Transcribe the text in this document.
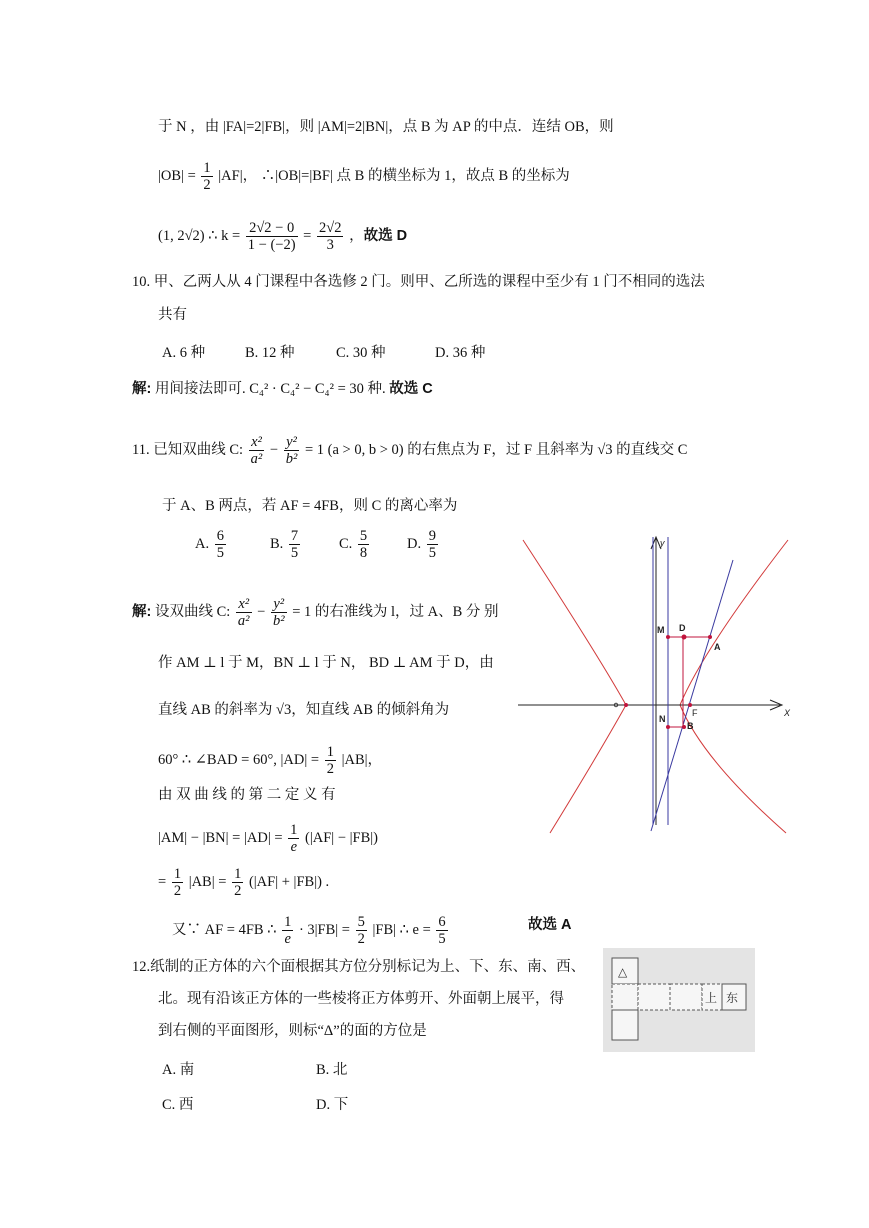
于 N ，由 |FA|=2|FB|，则 |AM|=2|BN|，点 B 为 AP 的中点．连结 OB，则
$|OB| = \frac{1}{2} |AF|$， ∴|OB|=|BF| 点 B 的横坐标为 1，故点 B 的坐标为
(1, 2√2) ∴ $k = \frac{2√2 - 0}{1 - (-2)} = \frac{2√2}{3}$ ，故选 D
10. 甲、乙两人从 4 门课程中各选修 2 门。则甲、乙所选的课程中至少有 1 门不相同的选法
共有
A. 6 种	B. 12 种	C. 30 种	D. 36 种
解: 用间接法即可. C₄² · C₄² − C₄² = 30 种. 故选 C
11. 已知双曲线 C: $\frac{\text{x²}}{\text{a²}} - \frac{\text{y²}}{\text{b²}} = 1$ (a > 0, b > 0) 的右焦点为 F，过 F 且斜率为 √3 的直线交 C
于 A、B 两点，若 AF = 4FB，则 C 的离心率为
A. $\frac{6}{5}$	B. $\frac{7}{5}$	C. $\frac{5}{8}$	D. $\frac{9}{5}$
解: 设双曲线 C: $\frac{\text{x²}}{\text{a²}} - \frac{\text{y²}}{\text{b²}} = 1$ 的右准线为 l，过 A、B 分 别
作 AM ⊥ l 于 M，BN ⊥ l 于 N， BD ⊥ AM 于 D，由
直线 AB 的斜率为 √3，知直线 AB 的倾斜角为
60° ∴ ∠BAD = 60°, $|AD| = \frac{1}{2} |AB|$，
由 双 曲 线 的 第 二 定 义 有
$|AM| - |BN| = |AD| = \frac{1}{e} (|AF| - |FB|)$
= $\frac{1}{2} |AB| = \frac{1}{2} (|AF| + |FB|)$ .
又∵ AF = 4FB ∴ $\frac{1}{e} \cdot 3|FB| = \frac{5}{2} |FB|$ ∴ $e = \frac{6}{5}$	故选 A
M D
A
F
N
B
X
y
12.纸制的正方体的六个面根据其方位分别标记为上、下、东、南、西、
北。现有沿该正方体的一些棱将正方体剪开、外面朝上展平，得
到右侧的平面图形，则标“Δ”的面的方位是
A. 南	B. 北
C. 西	D. 下
△
上 东
